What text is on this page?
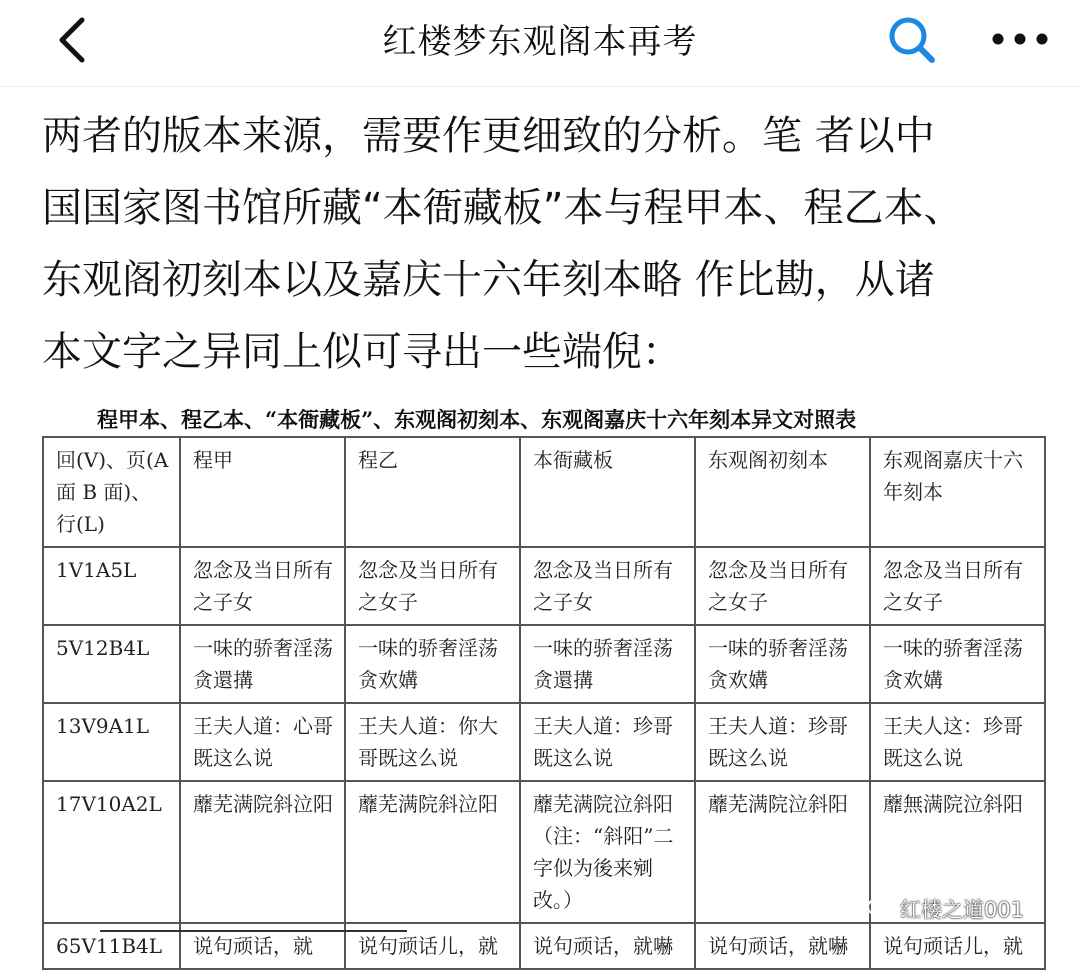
红楼梦东观阁本再考

两者的版本来源，需要作更细致的分析。笔 者以中

国国家图书馆所藏“本衙藏板”本与程甲本、程乙本、

东观阁初刻本以及嘉庆十六年刻本略 作比勘，从诸

本文字之异同上似可寻出一些端倪：

程甲本、程乙本、“本衙藏板”、东观阁初刻本、东观阁嘉庆十六年刻本异文对照表
回(V)、页(A面 B 面)、行(L)	程甲	程乙	本衙藏板	东观阁初刻本	东观阁嘉庆十六年刻本
1V1A5L	忽念及当日所有之子女	忽念及当日所有之女子	忽念及当日所有之子女	忽念及当日所有之女子	忽念及当日所有之女子
5V12B4L	一味的骄奢淫荡贪還搆	一味的骄奢淫荡贪欢媾	一味的骄奢淫荡贪還搆	一味的骄奢淫荡贪欢媾	一味的骄奢淫荡贪欢媾
13V9A1L	王夫人道：心哥既这么说	王夫人道：你大哥既这么说	王夫人道：珍哥既这么说	王夫人道：珍哥既这么说	王夫人这：珍哥既这么说
17V10A2L	蘼芜满院斜泣阳	蘼芜满院斜泣阳	蘼芜满院泣斜阳（注：“斜阳”二字似为後来剜改。）	蘼芜满院泣斜阳	蘼無满院泣斜阳
65V11B4L	说句顽话，就	说句顽话儿，就	说句顽话，就嚇	说句顽话，就嚇	说句顽话儿，就
红楼之道001
